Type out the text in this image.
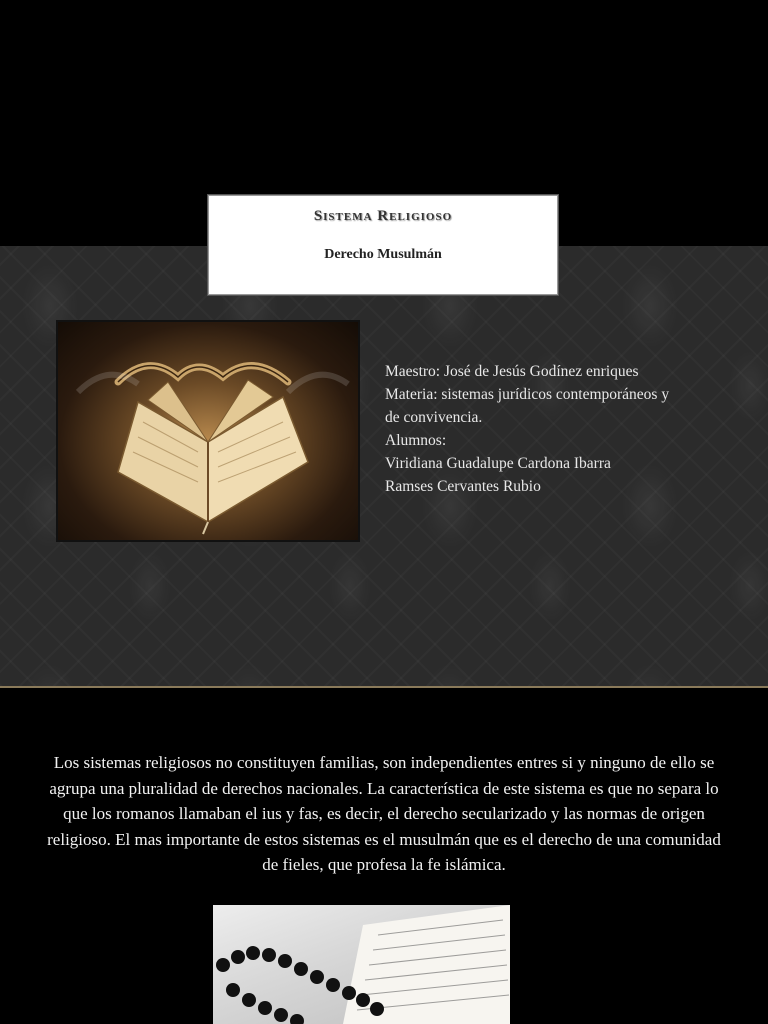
Sistema Religioso
Derecho Musulmán
Maestro: José de Jesús Godínez enriques
Materia: sistemas jurídicos contemporáneos y
de convivencia.
Alumnos:
Viridiana Guadalupe Cardona Ibarra
Ramses Cervantes Rubio
Los sistemas religiosos no constituyen familias, son independientes entres si y ninguno de ello se agrupa una pluralidad de derechos nacionales. La característica de este sistema es que no separa lo que los romanos llamaban el ius y fas, es decir, el derecho secularizado y las normas de origen religioso. El mas importante de estos sistemas es el musulmán que es el derecho de una comunidad de fieles, que profesa la fe islámica.
